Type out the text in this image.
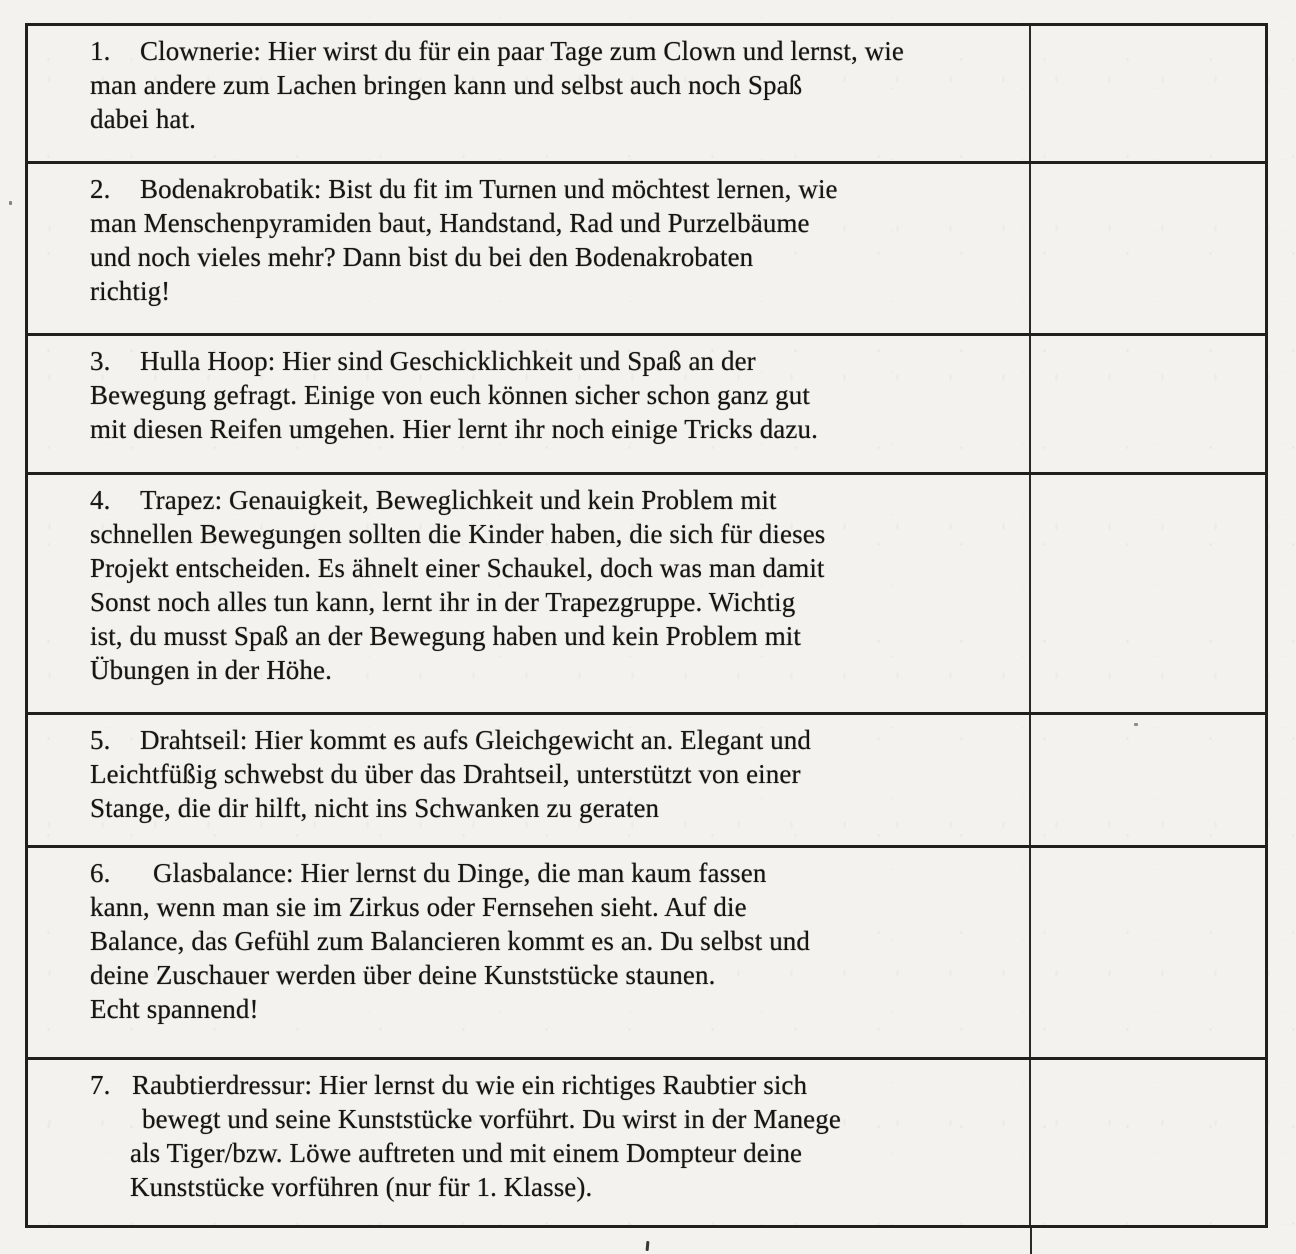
1. Clownerie: Hier wirst du für ein paar Tage zum Clown und lernst, wie
man andere zum Lachen bringen kann und selbst auch noch Spaß
dabei hat.
2. Bodenakrobatik: Bist du fit im Turnen und möchtest lernen, wie
man Menschenpyramiden baut, Handstand, Rad und Purzelbäume
und noch vieles mehr? Dann bist du bei den Bodenakrobaten
richtig!
3. Hulla Hoop: Hier sind Geschicklichkeit und Spaß an der
Bewegung gefragt. Einige von euch können sicher schon ganz gut
mit diesen Reifen umgehen. Hier lernt ihr noch einige Tricks dazu.
4. Trapez: Genauigkeit, Beweglichkeit und kein Problem mit
schnellen Bewegungen sollten die Kinder haben, die sich für dieses
Projekt entscheiden. Es ähnelt einer Schaukel, doch was man damit
Sonst noch alles tun kann, lernt ihr in der Trapezgruppe. Wichtig
ist, du musst Spaß an der Bewegung haben und kein Problem mit
Übungen in der Höhe.
5. Drahtseil: Hier kommt es aufs Gleichgewicht an. Elegant und
Leichtfüßig schwebst du über das Drahtseil, unterstützt von einer
Stange, die dir hilft, nicht ins Schwanken zu geraten
6. Glasbalance: Hier lernst du Dinge, die man kaum fassen
kann, wenn man sie im Zirkus oder Fernsehen sieht. Auf die
Balance, das Gefühl zum Balancieren kommt es an. Du selbst und
deine Zuschauer werden über deine Kunststücke staunen.
Echt spannend!
7. Raubtierdressur: Hier lernst du wie ein richtiges Raubtier sich
bewegt und seine Kunststücke vorführt. Du wirst in der Manege
als Tiger/bzw. Löwe auftreten und mit einem Dompteur deine
Kunststücke vorführen (nur für 1. Klasse).
